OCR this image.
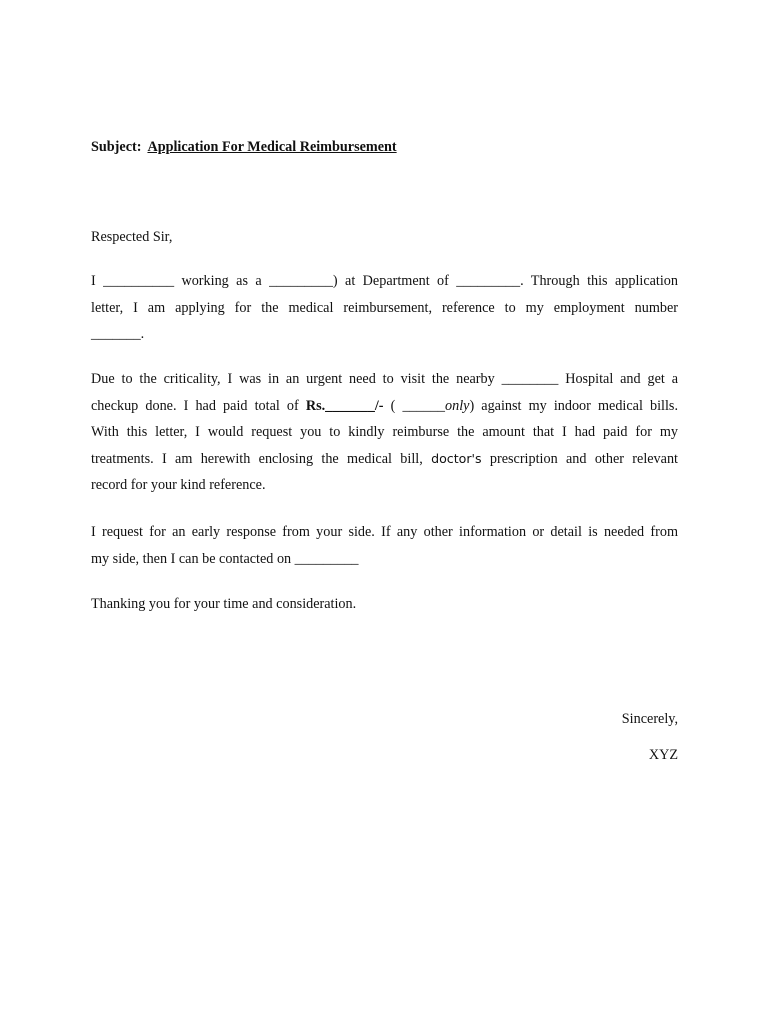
Subject: Application For Medical Reimbursement
Respected Sir,
I __________ working as a _________) at Department of _________. Through this application
letter, I am applying for the medical reimbursement, reference to my employment number
_______.
Due to the criticality, I was in an urgent need to visit the nearby ________ Hospital and get a
checkup done. I had paid total of Rs._______/- ( ______only) against my indoor medical bills.
With this letter, I would request you to kindly reimburse the amount that I had paid for my
treatments. I am herewith enclosing the medical bill, doctor's prescription and other relevant
record for your kind reference.
I request for an early response from your side. If any other information or detail is needed from
my side, then I can be contacted on _________
Thanking you for your time and consideration.
Sincerely,
XYZ
